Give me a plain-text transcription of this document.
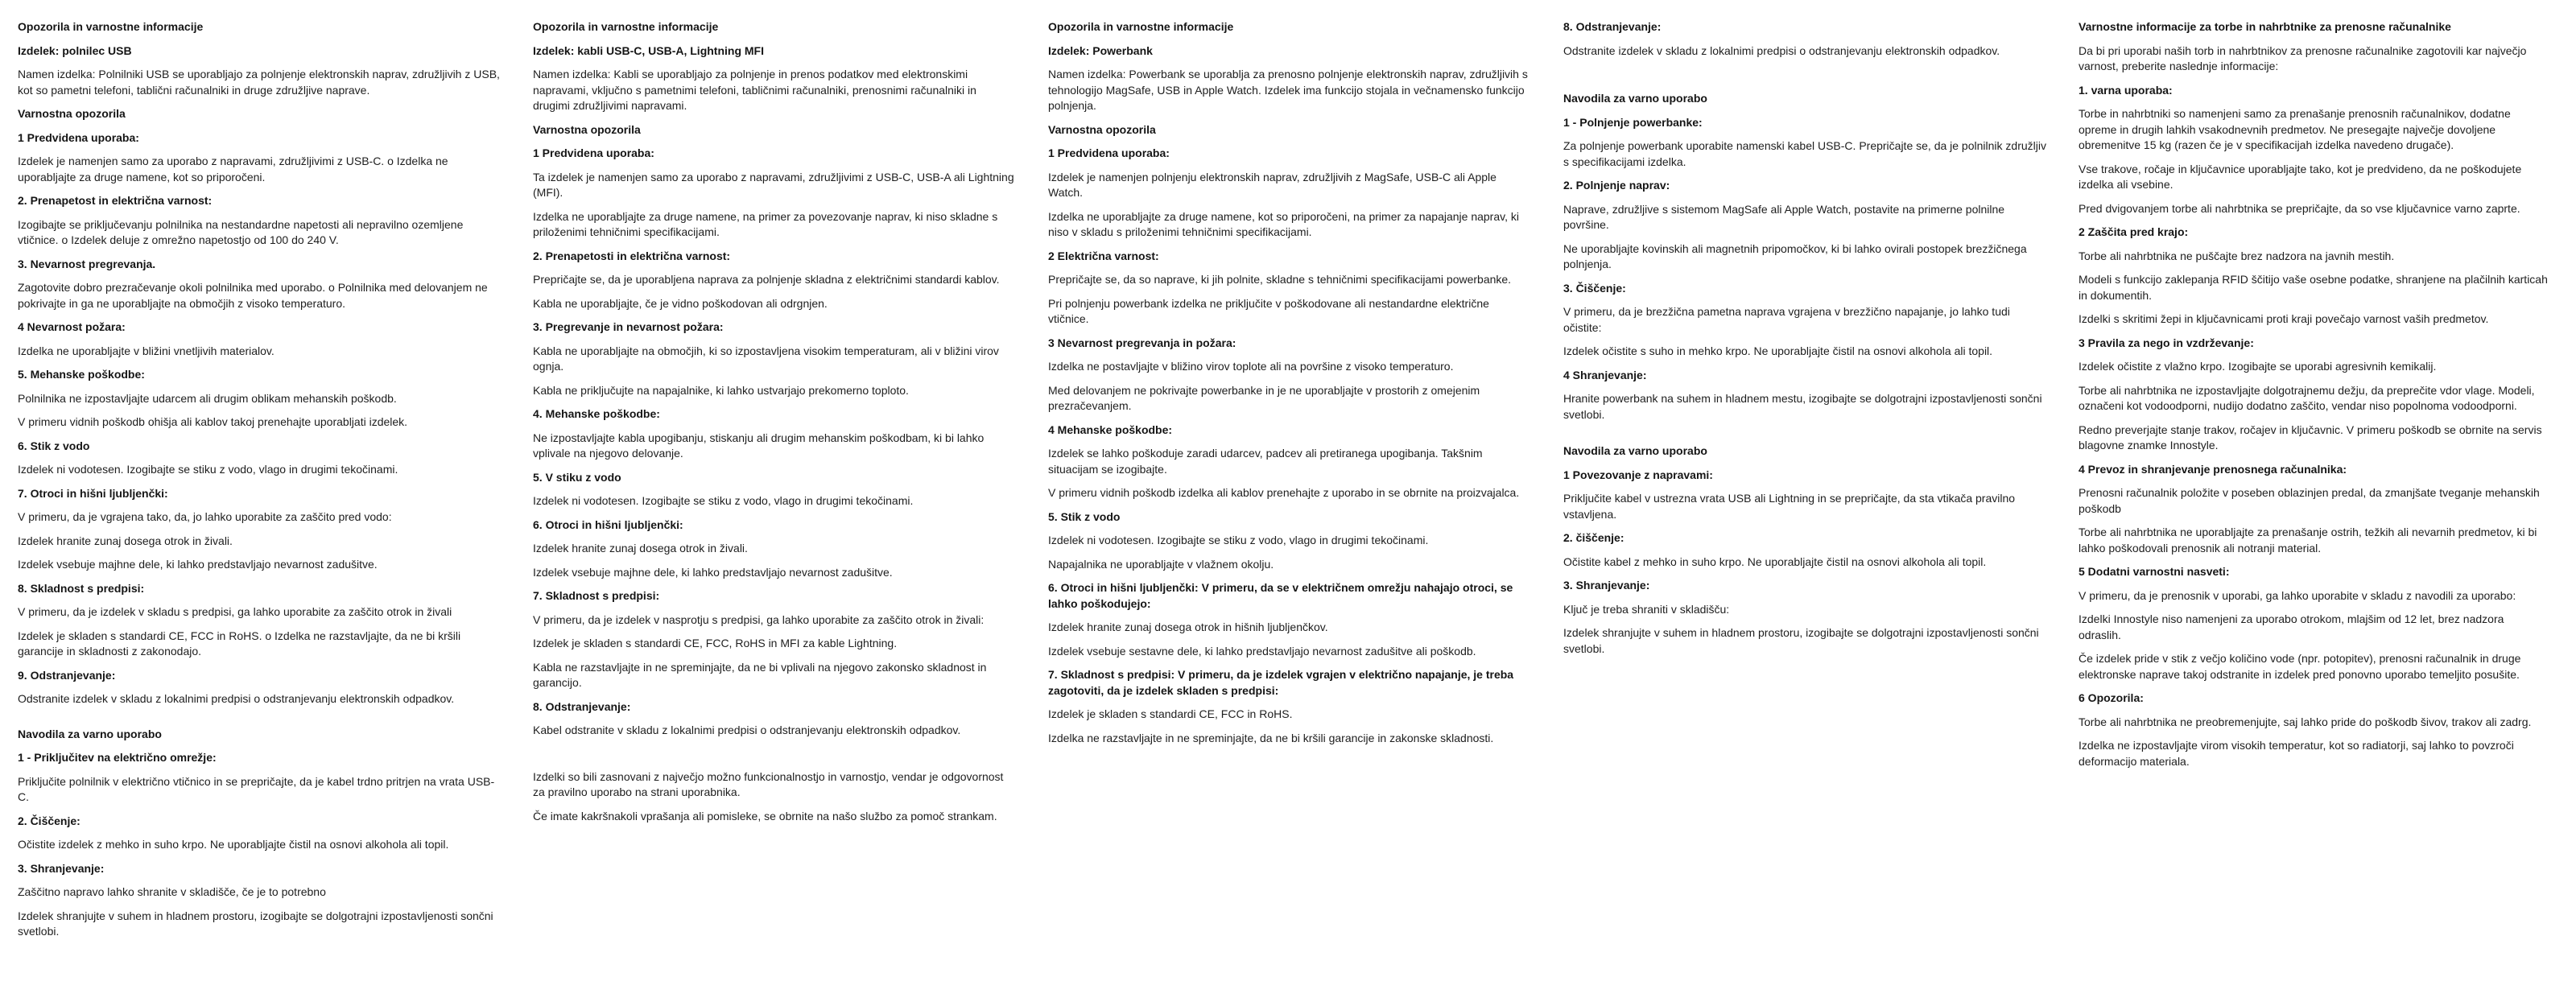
Opozorila in varnostne informacije

Izdelek: polnilec USB

Namen izdelka: Polnilniki USB se uporabljajo za polnjenje elektronskih naprav, združljivih z USB, kot so pametni telefoni, tablični računalniki in druge združljive naprave.

Varnostna opozorila

1 Predvidena uporaba:

Izdelek je namenjen samo za uporabo z napravami, združljivimi z USB-C. o Izdelka ne uporabljajte za druge namene, kot so priporočeni.

2. Prenapetost in električna varnost:

Izogibajte se priključevanju polnilnika na nestandardne napetosti ali nepravilno ozemljene vtičnice. o Izdelek deluje z omrežno napetostjo od 100 do 240 V.

3. Nevarnost pregrevanja.

Zagotovite dobro prezračevanje okoli polnilnika med uporabo. o Polnilnika med delovanjem ne pokrivajte in ga ne uporabljajte na območjih z visoko temperaturo.

4 Nevarnost požara:

Izdelka ne uporabljajte v bližini vnetljivih materialov.

5. Mehanske poškodbe:

Polnilnika ne izpostavljajte udarcem ali drugim oblikam mehanskih poškodb.

V primeru vidnih poškodb ohišja ali kablov takoj prenehajte uporabljati izdelek.

6. Stik z vodo

Izdelek ni vodotesen. Izogibajte se stiku z vodo, vlago in drugimi tekočinami.

7. Otroci in hišni ljubljenčki:

V primeru, da je vgrajena tako, da, jo lahko uporabite za zaščito pred vodo:

Izdelek hranite zunaj dosega otrok in živali.

Izdelek vsebuje majhne dele, ki lahko predstavljajo nevarnost zadušitve.

8. Skladnost s predpisi:

V primeru, da je izdelek v skladu s predpisi, ga lahko uporabite za zaščito otrok in živali

Izdelek je skladen s standardi CE, FCC in RoHS. o Izdelka ne razstavljajte, da ne bi kršili garancije in skladnosti z zakonodajo.

9. Odstranjevanje:

Odstranite izdelek v skladu z lokalnimi predpisi o odstranjevanju elektronskih odpadkov.

Navodila za varno uporabo

1 - Priključitev na električno omrežje:

Priključite polnilnik v električno vtičnico in se prepričajte, da je kabel trdno pritrjen na vrata USB-C.

2. Čiščenje:

Očistite izdelek z mehko in suho krpo. Ne uporabljajte čistil na osnovi alkohola ali topil.

3. Shranjevanje:

Zaščitno napravo lahko shranite v skladišče, če je to potrebno

Izdelek shranjujte v suhem in hladnem prostoru, izogibajte se dolgotrajni izpostavljenosti sončni svetlobi.

Opozorila in varnostne informacije

Izdelek: kabli USB-C, USB-A, Lightning MFI

Namen izdelka: Kabli se uporabljajo za polnjenje in prenos podatkov med elektronskimi napravami, vključno s pametnimi telefoni, tabličnimi računalniki, prenosnimi računalniki in drugimi združljivimi napravami.

Varnostna opozorila

1 Predvidena uporaba:

Ta izdelek je namenjen samo za uporabo z napravami, združljivimi z USB-C, USB-A ali Lightning (MFI).

Izdelka ne uporabljajte za druge namene, na primer za povezovanje naprav, ki niso skladne s priloženimi tehničnimi specifikacijami.

2. Prenapetosti in električna varnost:

Prepričajte se, da je uporabljena naprava za polnjenje skladna z električnimi standardi kablov.

Kabla ne uporabljajte, če je vidno poškodovan ali odrgnjen.

3. Pregrevanje in nevarnost požara:

Kabla ne uporabljajte na območjih, ki so izpostavljena visokim temperaturam, ali v bližini virov ognja.

Kabla ne priključujte na napajalnike, ki lahko ustvarjajo prekomerno toploto.

4. Mehanske poškodbe:

Ne izpostavljajte kabla upogibanju, stiskanju ali drugim mehanskim poškodbam, ki bi lahko vplivale na njegovo delovanje.

5. V stiku z vodo

Izdelek ni vodotesen. Izogibajte se stiku z vodo, vlago in drugimi tekočinami.

6. Otroci in hišni ljubljenčki:

Izdelek hranite zunaj dosega otrok in živali.

Izdelek vsebuje majhne dele, ki lahko predstavljajo nevarnost zadušitve.

7. Skladnost s predpisi:

V primeru, da je izdelek v nasprotju s predpisi, ga lahko uporabite za zaščito otrok in živali:

Izdelek je skladen s standardi CE, FCC, RoHS in MFI za kable Lightning.

Kabla ne razstavljajte in ne spreminjajte, da ne bi vplivali na njegovo zakonsko skladnost in garancijo.

8. Odstranjevanje:

Kabel odstranite v skladu z lokalnimi predpisi o odstranjevanju elektronskih odpadkov.

Izdelki so bili zasnovani z največjo možno funkcionalnostjo in varnostjo, vendar je odgovornost za pravilno uporabo na strani uporabnika.

Če imate kakršnakoli vprašanja ali pomisleke, se obrnite na našo službo za pomoč strankam.

Opozorila in varnostne informacije

Izdelek: Powerbank

Namen izdelka: Powerbank se uporablja za prenosno polnjenje elektronskih naprav, združljivih s tehnologijo MagSafe, USB in Apple Watch. Izdelek ima funkcijo stojala in večnamensko funkcijo polnjenja.

Varnostna opozorila

1 Predvidena uporaba:

Izdelek je namenjen polnjenju elektronskih naprav, združljivih z MagSafe, USB-C ali Apple Watch.

Izdelka ne uporabljajte za druge namene, kot so priporočeni, na primer za napajanje naprav, ki niso v skladu s priloženimi tehničnimi specifikacijami.

2 Električna varnost:

Prepričajte se, da so naprave, ki jih polnite, skladne s tehničnimi specifikacijami powerbanke.

Pri polnjenju powerbank izdelka ne priključite v poškodovane ali nestandardne električne vtičnice.

3 Nevarnost pregrevanja in požara:

Izdelka ne postavljajte v bližino virov toplote ali na površine z visoko temperaturo.

Med delovanjem ne pokrivajte powerbanke in je ne uporabljajte v prostorih z omejenim prezračevanjem.

4 Mehanske poškodbe:

Izdelek se lahko poškoduje zaradi udarcev, padcev ali pretiranega upogibanja. Takšnim situacijam se izogibajte.

V primeru vidnih poškodb izdelka ali kablov prenehajte z uporabo in se obrnite na proizvajalca.

5. Stik z vodo

Izdelek ni vodotesen. Izogibajte se stiku z vodo, vlago in drugimi tekočinami.

Napajalnika ne uporabljajte v vlažnem okolju.

6. Otroci in hišni ljubljenčki: V primeru, da se v električnem omrežju nahajajo otroci, se lahko poškodujejo:

Izdelek hranite zunaj dosega otrok in hišnih ljubljenčkov.

Izdelek vsebuje sestavne dele, ki lahko predstavljajo nevarnost zadušitve ali poškodb.

7. Skladnost s predpisi: V primeru, da je izdelek vgrajen v električno napajanje, je treba zagotoviti, da je izdelek skladen s predpisi:

Izdelek je skladen s standardi CE, FCC in RoHS.

Izdelka ne razstavljajte in ne spreminjajte, da ne bi kršili garancije in zakonske skladnosti.

8. Odstranjevanje:

Odstranite izdelek v skladu z lokalnimi predpisi o odstranjevanju elektronskih odpadkov.

Navodila za varno uporabo

1 - Polnjenje powerbanke:

Za polnjenje powerbank uporabite namenski kabel USB-C. Prepričajte se, da je polnilnik združljiv s specifikacijami izdelka.

2. Polnjenje naprav:

Naprave, združljive s sistemom MagSafe ali Apple Watch, postavite na primerne polnilne površine.

Ne uporabljajte kovinskih ali magnetnih pripomočkov, ki bi lahko ovirali postopek brezžičnega polnjenja.

3. Čiščenje:

V primeru, da je brezžična pametna naprava vgrajena v brezžično napajanje, jo lahko tudi očistite:

Izdelek očistite s suho in mehko krpo. Ne uporabljajte čistil na osnovi alkohola ali topil.

4 Shranjevanje:

Hranite powerbank na suhem in hladnem mestu, izogibajte se dolgotrajni izpostavljenosti sončni svetlobi.

Navodila za varno uporabo

1 Povezovanje z napravami:

Priključite kabel v ustrezna vrata USB ali Lightning in se prepričajte, da sta vtikača pravilno vstavljena.

2. čiščenje:

Očistite kabel z mehko in suho krpo. Ne uporabljajte čistil na osnovi alkohola ali topil.

3. Shranjevanje:

Ključ je treba shraniti v skladišču:

Izdelek shranjujte v suhem in hladnem prostoru, izogibajte se dolgotrajni izpostavljenosti sončni svetlobi.

Varnostne informacije za torbe in nahrbtnike za prenosne računalnike

Da bi pri uporabi naših torb in nahrbtnikov za prenosne računalnike zagotovili kar največjo varnost, preberite naslednje informacije:

1. varna uporaba:

Torbe in nahrbtniki so namenjeni samo za prenašanje prenosnih računalnikov, dodatne opreme in drugih lahkih vsakodnevnih predmetov. Ne presegajte največje dovoljene obremenitve 15 kg (razen če je v specifikacijah izdelka navedeno drugače).

Vse trakove, ročaje in ključavnice uporabljajte tako, kot je predvideno, da ne poškodujete izdelka ali vsebine.

Pred dvigovanjem torbe ali nahrbtnika se prepričajte, da so vse ključavnice varno zaprte.

2 Zaščita pred krajo:

Torbe ali nahrbtnika ne puščajte brez nadzora na javnih mestih.

Modeli s funkcijo zaklepanja RFID ščitijo vaše osebne podatke, shranjene na plačilnih karticah in dokumentih.

Izdelki s skritimi žepi in ključavnicami proti kraji povečajo varnost vaših predmetov.

3 Pravila za nego in vzdrževanje:

Izdelek očistite z vlažno krpo. Izogibajte se uporabi agresivnih kemikalij.

Torbe ali nahrbtnika ne izpostavljajte dolgotrajnemu dežju, da preprečite vdor vlage. Modeli, označeni kot vodoodporni, nudijo dodatno zaščito, vendar niso popolnoma vodoodporni.

Redno preverjajte stanje trakov, ročajev in ključavnic. V primeru poškodb se obrnite na servis blagovne znamke Innostyle.

4 Prevoz in shranjevanje prenosnega računalnika:

Prenosni računalnik položite v poseben oblazinjen predal, da zmanjšate tveganje mehanskih poškodb

Torbe ali nahrbtnika ne uporabljajte za prenašanje ostrih, težkih ali nevarnih predmetov, ki bi lahko poškodovali prenosnik ali notranji material.

5 Dodatni varnostni nasveti:

V primeru, da je prenosnik v uporabi, ga lahko uporabite v skladu z navodili za uporabo:

Izdelki Innostyle niso namenjeni za uporabo otrokom, mlajšim od 12 let, brez nadzora odraslih.

Če izdelek pride v stik z večjo količino vode (npr. potopitev), prenosni računalnik in druge elektronske naprave takoj odstranite in izdelek pred ponovno uporabo temeljito posušite.

6 Opozorila:

Torbe ali nahrbtnika ne preobremenjujte, saj lahko pride do poškodb šivov, trakov ali zadrg.

Izdelka ne izpostavljajte virom visokih temperatur, kot so radiatorji, saj lahko to povzroči deformacijo materiala.
